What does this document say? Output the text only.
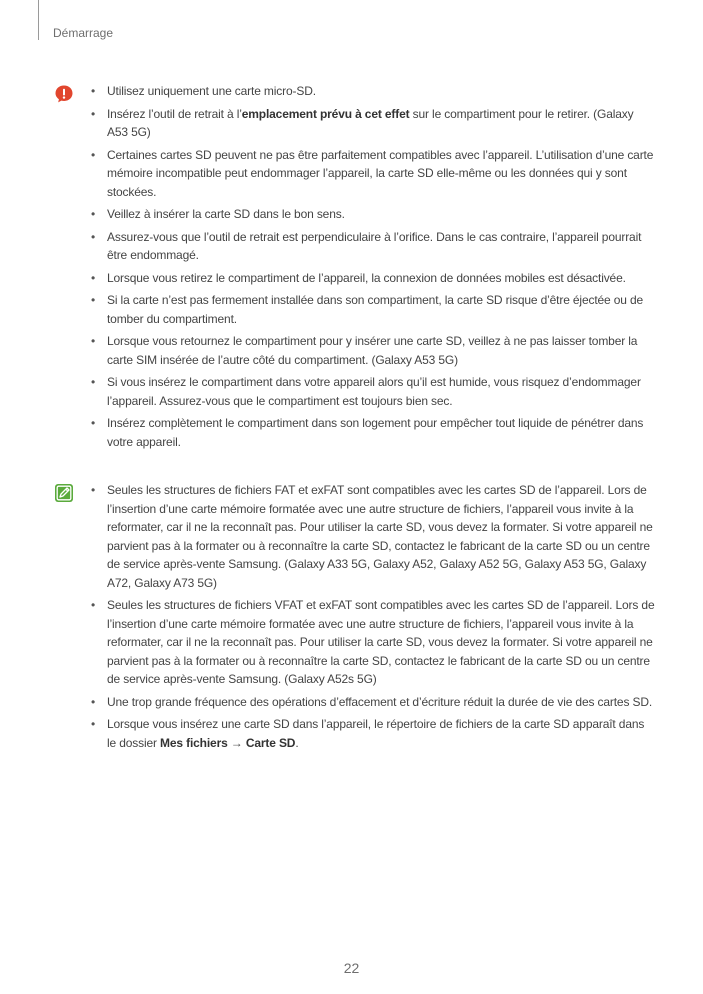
Démarrage
• Utilisez uniquement une carte micro-SD.
• Insérez l’outil de retrait à l’emplacement prévu à cet effet sur le compartiment pour le retirer. (Galaxy A53 5G)
• Certaines cartes SD peuvent ne pas être parfaitement compatibles avec l’appareil. L’utilisation d’une carte mémoire incompatible peut endommager l’appareil, la carte SD elle-même ou les données qui y sont stockées.
• Veillez à insérer la carte SD dans le bon sens.
• Assurez-vous que l’outil de retrait est perpendiculaire à l’orifice. Dans le cas contraire, l’appareil pourrait être endommagé.
• Lorsque vous retirez le compartiment de l’appareil, la connexion de données mobiles est désactivée.
• Si la carte n’est pas fermement installée dans son compartiment, la carte SD risque d’être éjectée ou de tomber du compartiment.
• Lorsque vous retournez le compartiment pour y insérer une carte SD, veillez à ne pas laisser tomber la carte SIM insérée de l’autre côté du compartiment. (Galaxy A53 5G)
• Si vous insérez le compartiment dans votre appareil alors qu’il est humide, vous risquez d’endommager l’appareil. Assurez-vous que le compartiment est toujours bien sec.
• Insérez complètement le compartiment dans son logement pour empêcher tout liquide de pénétrer dans votre appareil.
• Seules les structures de fichiers FAT et exFAT sont compatibles avec les cartes SD de l’appareil. Lors de l’insertion d’une carte mémoire formatée avec une autre structure de fichiers, l’appareil vous invite à la reformater, car il ne la reconnaît pas. Pour utiliser la carte SD, vous devez la formater. Si votre appareil ne parvient pas à la formater ou à reconnaître la carte SD, contactez le fabricant de la carte SD ou un centre de service après-vente Samsung. (Galaxy A33 5G, Galaxy A52, Galaxy A52 5G, Galaxy A53 5G, Galaxy A72, Galaxy A73 5G)
• Seules les structures de fichiers VFAT et exFAT sont compatibles avec les cartes SD de l’appareil. Lors de l’insertion d’une carte mémoire formatée avec une autre structure de fichiers, l’appareil vous invite à la reformater, car il ne la reconnaît pas. Pour utiliser la carte SD, vous devez la formater. Si votre appareil ne parvient pas à la formater ou à reconnaître la carte SD, contactez le fabricant de la carte SD ou un centre de service après-vente Samsung. (Galaxy A52s 5G)
• Une trop grande fréquence des opérations d’effacement et d’écriture réduit la durée de vie des cartes SD.
• Lorsque vous insérez une carte SD dans l’appareil, le répertoire de fichiers de la carte SD apparaît dans le dossier Mes fichiers → Carte SD.
22
